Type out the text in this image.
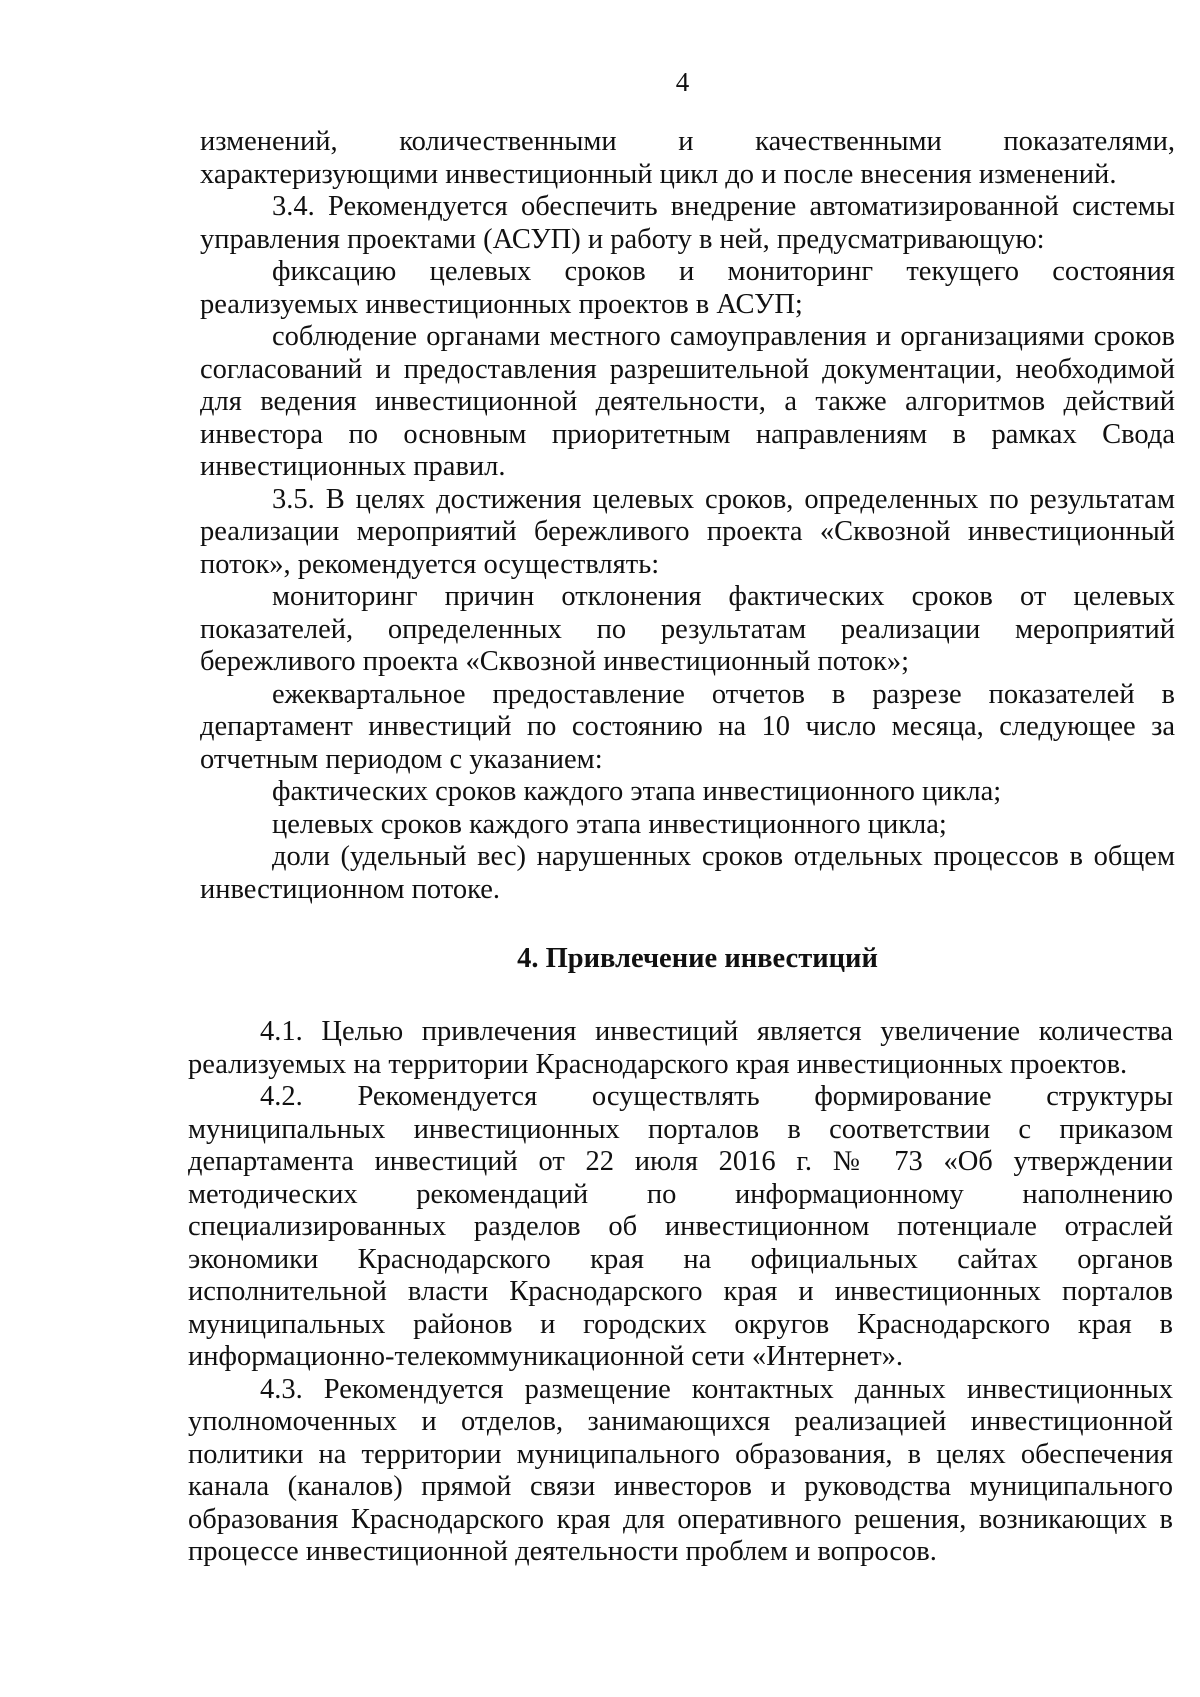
4

изменений, количественными и качественными показателями, характеризующими инвестиционный цикл до и после внесения изменений.

3.4. Рекомендуется обеспечить внедрение автоматизированной системы управления проектами (АСУП) и работу в ней, предусматривающую:

фиксацию целевых сроков и мониторинг текущего состояния реализуемых инвестиционных проектов в АСУП;

соблюдение органами местного самоуправления и организациями сроков согласований и предоставления разрешительной документации, необходимой для ведения инвестиционной деятельности, а также алгоритмов действий инвестора по основным приоритетным направлениям в рамках Свода инвестиционных правил.

3.5. В целях достижения целевых сроков, определенных по результатам реализации мероприятий бережливого проекта «Сквозной инвестиционный поток», рекомендуется осуществлять:

мониторинг причин отклонения фактических сроков от целевых показателей, определенных по результатам реализации мероприятий бережливого проекта «Сквозной инвестиционный поток»;

ежеквартальное предоставление отчетов в разрезе показателей в департамент инвестиций по состоянию на 10 число месяца, следующее за отчетным периодом с указанием:

фактических сроков каждого этапа инвестиционного цикла;

целевых сроков каждого этапа инвестиционного цикла;

доли (удельный вес) нарушенных сроков отдельных процессов в общем инвестиционном потоке.

4. Привлечение инвестиций

4.1. Целью привлечения инвестиций является увеличение количества реализуемых на территории Краснодарского края инвестиционных проектов.

4.2. Рекомендуется осуществлять формирование структуры муниципальных инвестиционных порталов в соответствии с приказом департамента инвестиций от 22 июля 2016 г. № 73 «Об утверждении методических рекомендаций по информационному наполнению специализированных разделов об инвестиционном потенциале отраслей экономики Краснодарского края на официальных сайтах органов исполнительной власти Краснодарского края и инвестиционных порталов муниципальных районов и городских округов Краснодарского края в информационно-телекоммуникационной сети «Интернет».

4.3. Рекомендуется размещение контактных данных инвестиционных уполномоченных и отделов, занимающихся реализацией инвестиционной политики на территории муниципального образования, в целях обеспечения канала (каналов) прямой связи инвесторов и руководства муниципального образования Краснодарского края для оперативного решения, возникающих в процессе инвестиционной деятельности проблем и вопросов.
